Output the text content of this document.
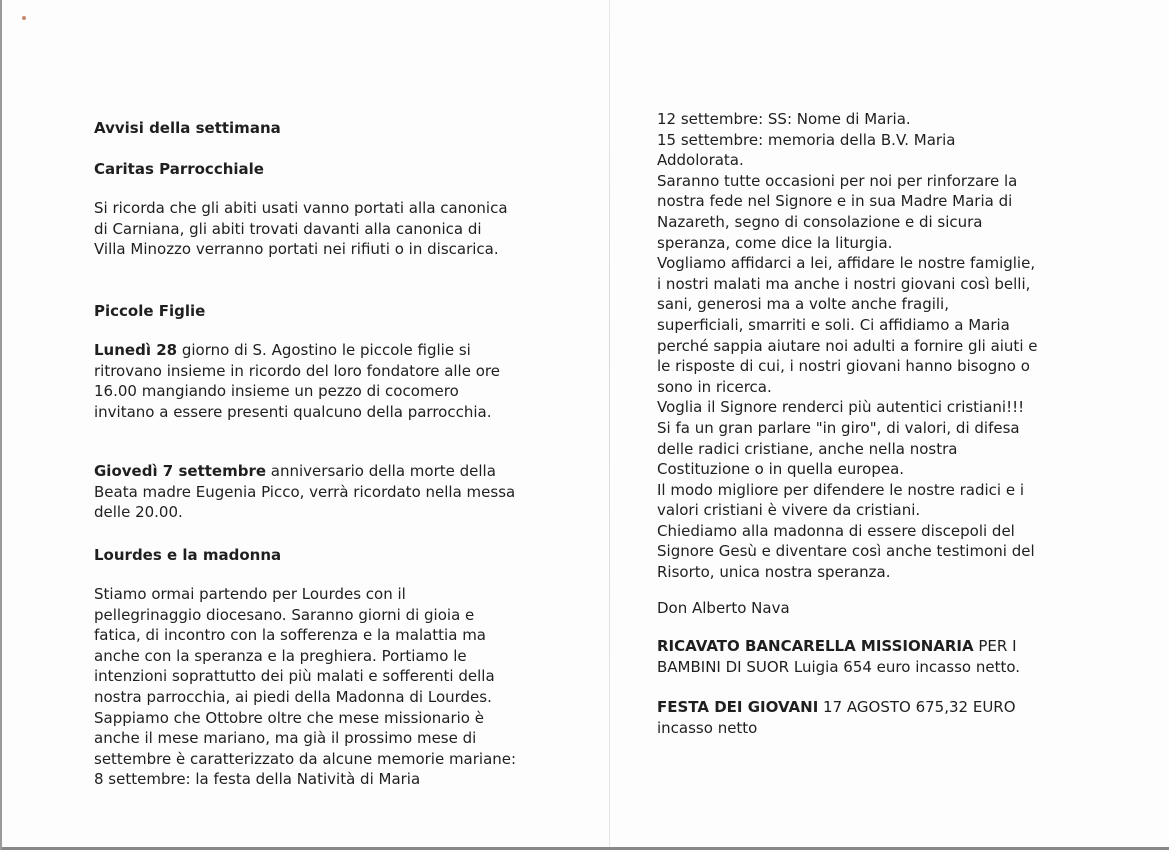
Avvisi della settimana
Caritas Parrocchiale

Si ricorda che gli abiti usati vanno portati alla canonica

di Carniana, gli abiti trovati davanti alla canonica di

Villa Minozzo verranno portati nei rifiuti o in discarica.

Piccole Figlie

Lunedì 28 giorno di S. Agostino le piccole figlie si

ritrovano insieme in ricordo del loro fondatore alle ore

16.00 mangiando insieme un pezzo di cocomero

invitano a essere presenti qualcuno della parrocchia.

Giovedì 7 settembre anniversario della morte della

Beata madre Eugenia Picco, verrà ricordato nella messa

delle 20.00.

Lourdes e la madonna

Stiamo ormai partendo per Lourdes con il

pellegrinaggio diocesano. Saranno giorni di gioia e

fatica, di incontro con la sofferenza e la malattia ma

anche con la speranza e la preghiera. Portiamo le

intenzioni soprattutto dei più malati e sofferenti della

nostra parrocchia, ai piedi della Madonna di Lourdes.

Sappiamo che Ottobre oltre che mese missionario è

anche il mese mariano, ma già il prossimo mese di

settembre è caratterizzato da alcune memorie mariane:

8 settembre: la festa della Natività di Maria

12 settembre: SS: Nome di Maria.

15 settembre: memoria della B.V. Maria

Addolorata.

Saranno tutte occasioni per noi per rinforzare la

nostra fede nel Signore e in sua Madre Maria di

Nazareth, segno di consolazione e di sicura

speranza, come dice la liturgia.

Vogliamo affidarci a lei, affidare le nostre famiglie,

i nostri malati ma anche i nostri giovani così belli,

sani, generosi ma a volte anche fragili,

superficiali, smarriti e soli. Ci affidiamo a Maria

perché sappia aiutare noi adulti a fornire gli aiuti e

le risposte di cui, i nostri giovani hanno bisogno o

sono in ricerca.

Voglia il Signore renderci più autentici cristiani!!!

Si fa un gran parlare "in giro", di valori, di difesa

delle radici cristiane, anche nella nostra

Costituzione o in quella europea.

Il modo migliore per difendere le nostre radici e i

valori cristiani è vivere da cristiani.

Chiediamo alla madonna di essere discepoli del

Signore Gesù e diventare così anche testimoni del

Risorto, unica nostra speranza.

Don Alberto Nava

RICAVATO BANCARELLA MISSIONARIA PER I

BAMBINI DI SUOR Luigia 654 euro incasso netto.

FESTA DEI GIOVANI 17 AGOSTO 675,32 EURO

incasso netto
